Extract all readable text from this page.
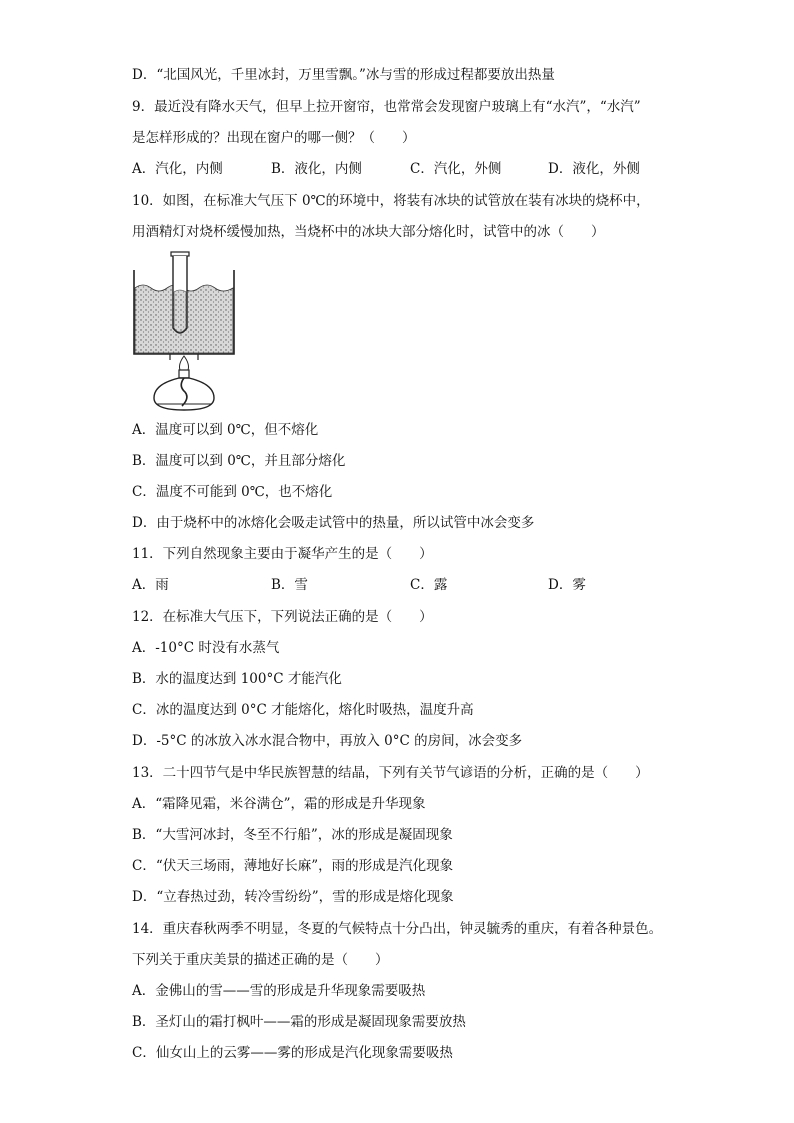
D．“北国风光，千里冰封，万里雪飘。”冰与雪的形成过程都要放出热量
9．最近没有降水天气，但早上拉开窗帘，也常常会发现窗户玻璃上有“水汽”，“水汽”
是怎样形成的？出现在窗户的哪一侧？（　　）
A．汽化，内侧	B．液化，内侧	C．汽化，外侧	D．液化，外侧
10．如图，在标准大气压下 0℃的环境中，将装有冰块的试管放在装有冰块的烧杯中，
用酒精灯对烧杯缓慢加热，当烧杯中的冰块大部分熔化时，试管中的冰（　　）
A．温度可以到 0℃，但不熔化
B．温度可以到 0℃，并且部分熔化
C．温度不可能到 0℃，也不熔化
D．由于烧杯中的冰熔化会吸走试管中的热量，所以试管中冰会变多
11．下列自然现象主要由于凝华产生的是（　　）
A．雨	B．雪	C．露	D．雾
12．在标准大气压下，下列说法正确的是（　　）
A．-10°C 时没有水蒸气
B．水的温度达到 100°C 才能汽化
C．冰的温度达到 0°C 才能熔化，熔化时吸热，温度升高
D．-5°C 的冰放入冰水混合物中，再放入 0°C 的房间，冰会变多
13．二十四节气是中华民族智慧的结晶，下列有关节气谚语的分析，正确的是（　　）
A．“霜降见霜，米谷满仓”，霜的形成是升华现象
B．“大雪河冰封，冬至不行船”，冰的形成是凝固现象
C．“伏天三场雨，薄地好长麻”，雨的形成是汽化现象
D．“立春热过劲，转冷雪纷纷”，雪的形成是熔化现象
14．重庆春秋两季不明显，冬夏的气候特点十分凸出，钟灵毓秀的重庆，有着各种景色。
下列关于重庆美景的描述正确的是（　　）
A．金佛山的雪——雪的形成是升华现象需要吸热
B．圣灯山的霜打枫叶——霜的形成是凝固现象需要放热
C．仙女山上的云雾——雾的形成是汽化现象需要吸热
